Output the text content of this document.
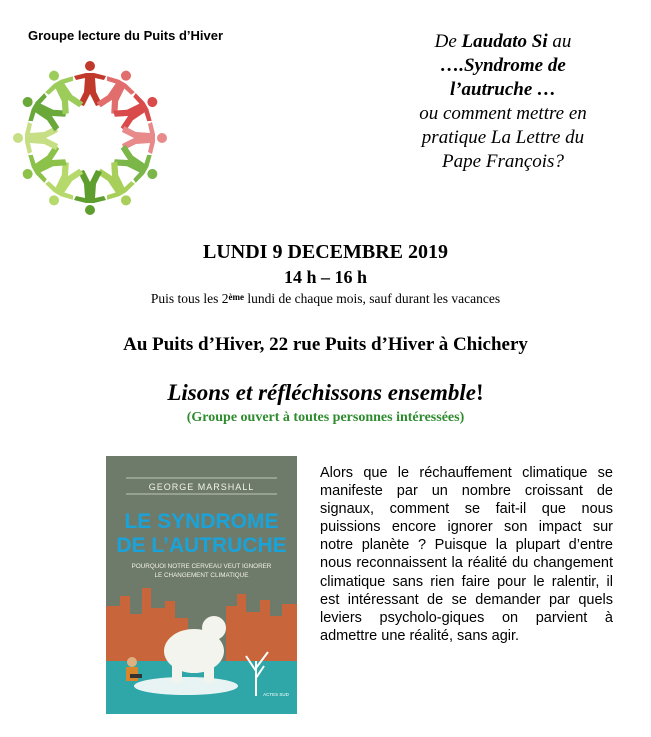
Groupe lecture du Puits d’Hiver	De Laudato Si au
….Syndrome de
l’autruche …
ou comment mettre en
pratique La Lettre du
Pape François?
LUNDI 9 DECEMBRE 2019
14 h – 16 h
Puis tous les 2ème lundi de chaque mois, sauf durant les vacances
Au Puits d’Hiver, 22 rue Puits d’Hiver à Chichery
Lisons et réfléchissons ensemble!
(Groupe ouvert à toutes personnes intéressées)
GEORGE MARSHALL
LE SYNDROME
DE L’AUTRUCHE
POURQUOI NOTRE CERVEAU VEUT IGNORER
LE CHANGEMENT CLIMATIQUE
ACTES SUD
Alors que le réchauffement climatique se manifeste par un nombre croissant de signaux, comment se fait-il que nous puissions encore ignorer son impact sur notre planète ? Puisque la plupart d’entre nous reconnaissent la réalité du changement climatique sans rien faire pour le ralentir, il est intéressant de se demander par quels leviers psycholo-giques on parvient à admettre une réalité, sans agir.
